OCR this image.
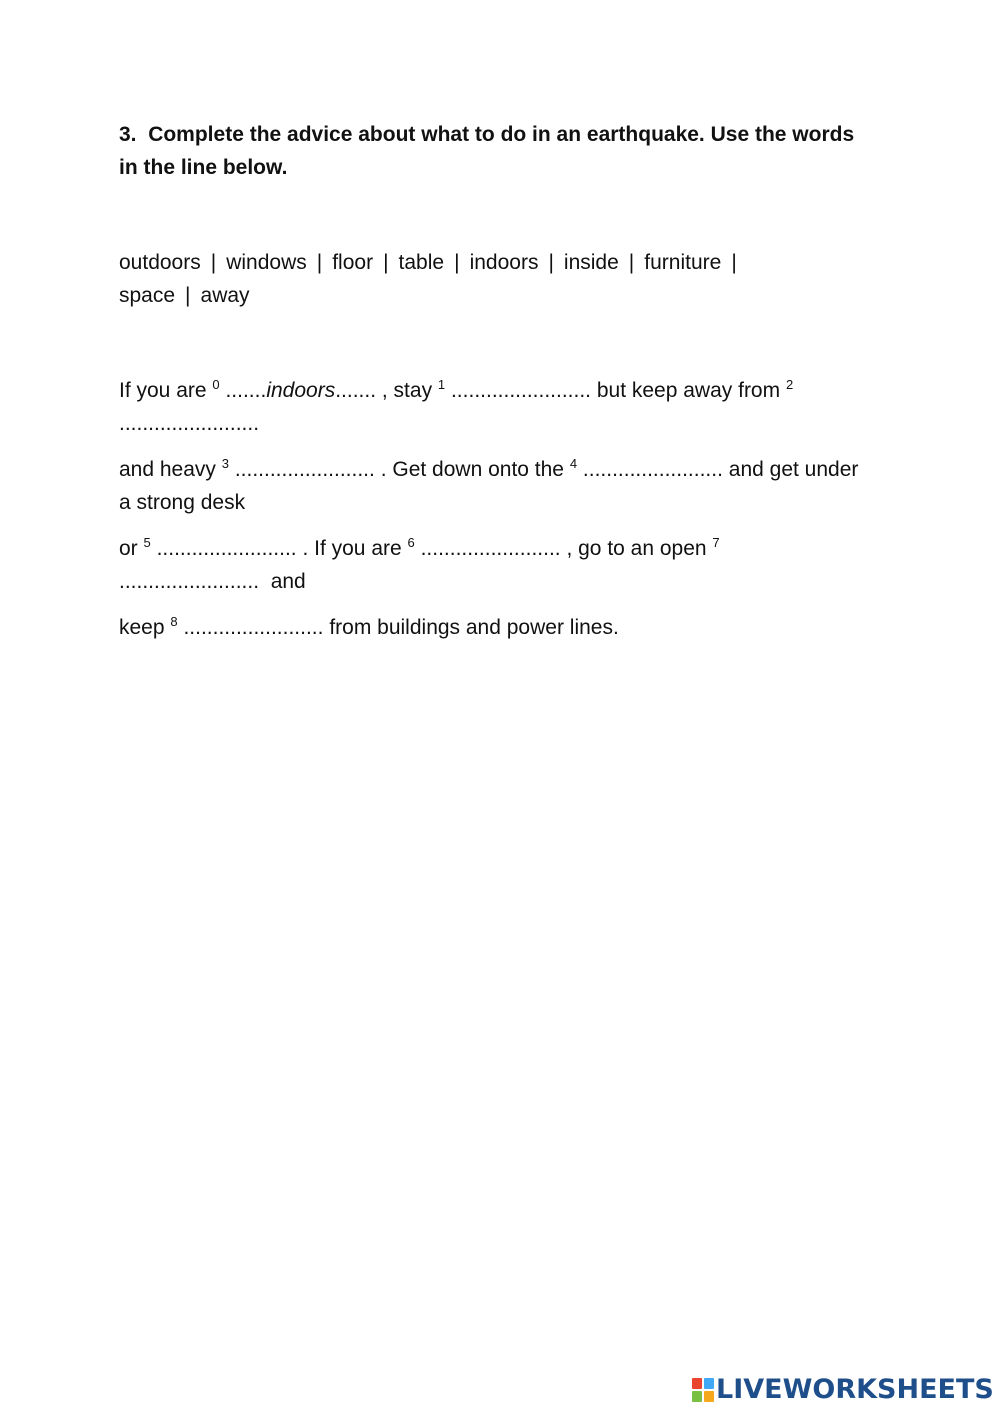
3. Complete the advice about what to do in an earthquake. Use the words in the line below.

outdoors | windows | floor | table | indoors | inside | furniture | space | away

If you are $^0$ .......indoors....... , stay $^1$ ........................ but keep away from $^2$
........................

and heavy $^3$ ........................ . Get down onto the $^4$ ........................ and get under a strong desk

or $^5$ ........................ . If you are $^6$ ........................ , go to an open $^7$
........................  and

keep $^8$ ........................ from buildings and power lines.

LIVEWORKSHEETS
